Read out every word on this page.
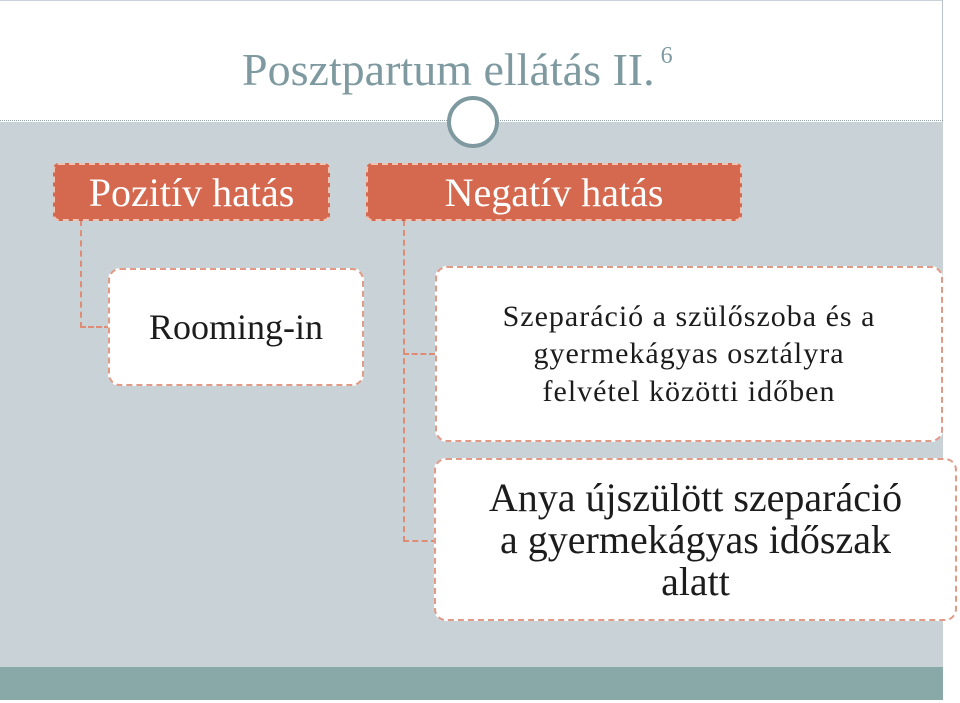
Posztpartum ellátás II. $^6$
Pozitív hatás	Negatív hatás
Rooming-in	Szeparáció a szülőszoba és a
gyermekágyas osztályra
felvétel közötti időben
Anya újszülött szeparáció
a gyermekágyas időszak
alatt
